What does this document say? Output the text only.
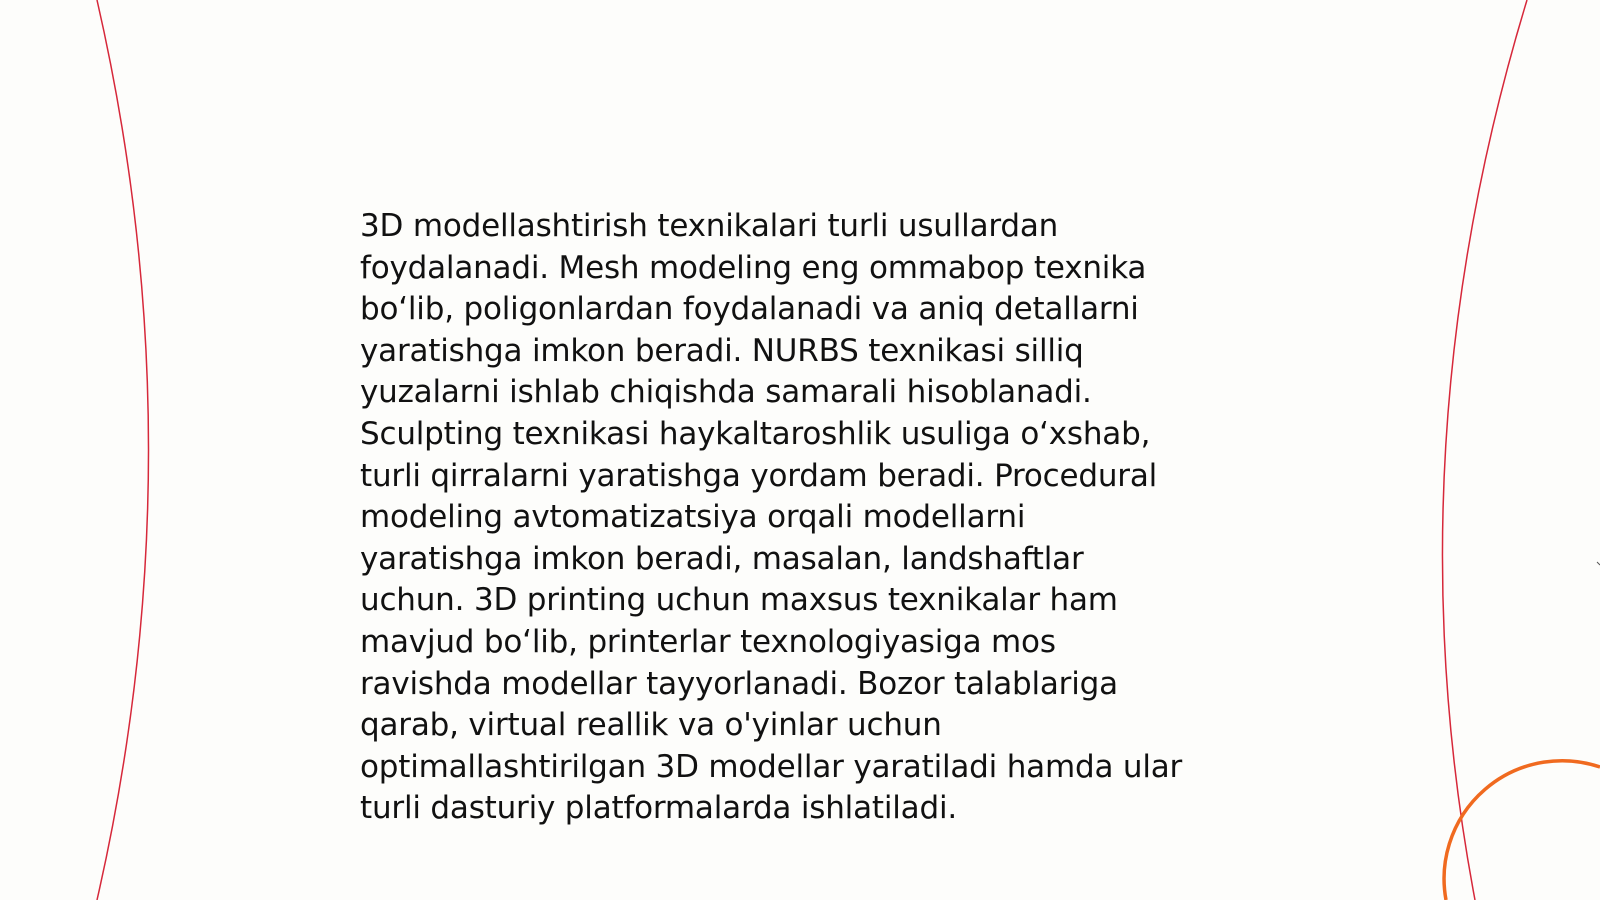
3D modellashtirish texnikalari turli usullardan
foydalanadi. Mesh modeling eng ommabop texnika
bo‘lib, poligonlardan foydalanadi va aniq detallarni
yaratishga imkon beradi. NURBS texnikasi silliq
yuzalarni ishlab chiqishda samarali hisoblanadi.
Sculpting texnikasi haykaltaroshlik usuliga o‘xshab,
turli qirralarni yaratishga yordam beradi. Procedural
modeling avtomatizatsiya orqali modellarni
yaratishga imkon beradi, masalan, landshaftlar
uchun. 3D printing uchun maxsus texnikalar ham
mavjud bo‘lib, printerlar texnologiyasiga mos
ravishda modellar tayyorlanadi. Bozor talablariga
qarab, virtual reallik va o'yinlar uchun
optimallashtirilgan 3D modellar yaratiladi hamda ular
turli dasturiy platformalarda ishlatiladi.
